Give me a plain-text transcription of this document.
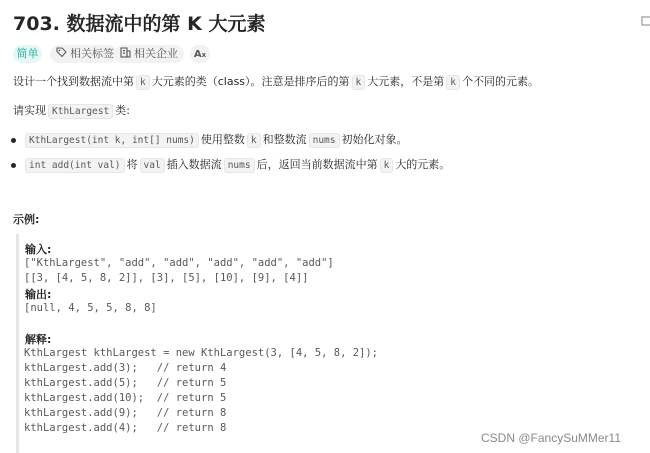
703. 数据流中的第 K 大元素
简单	相关标签	相关企业	Ax
设计一个找到数据流中第 k 大元素的类（class）。注意是排序后的第 k 大元素，不是第 k 个不同的元素。
请实现 KthLargest 类:
KthLargest(int k, int[] nums) 使用整数 k 和整数流 nums 初始化对象。
int add(int val) 将 val 插入数据流 nums 后，返回当前数据流中第 k 大的元素。
示例:
输入:
["KthLargest", "add", "add", "add", "add", "add"]
[[3, [4, 5, 8, 2]], [3], [5], [10], [9], [4]]
输出:
[null, 4, 5, 5, 8, 8]
解释:
KthLargest kthLargest = new KthLargest(3, [4, 5, 8, 2]);
kthLargest.add(3);   // return 4
kthLargest.add(5);   // return 5
kthLargest.add(10);  // return 5
kthLargest.add(9);   // return 8
kthLargest.add(4);   // return 8
CSDN @FancySuMMer11
